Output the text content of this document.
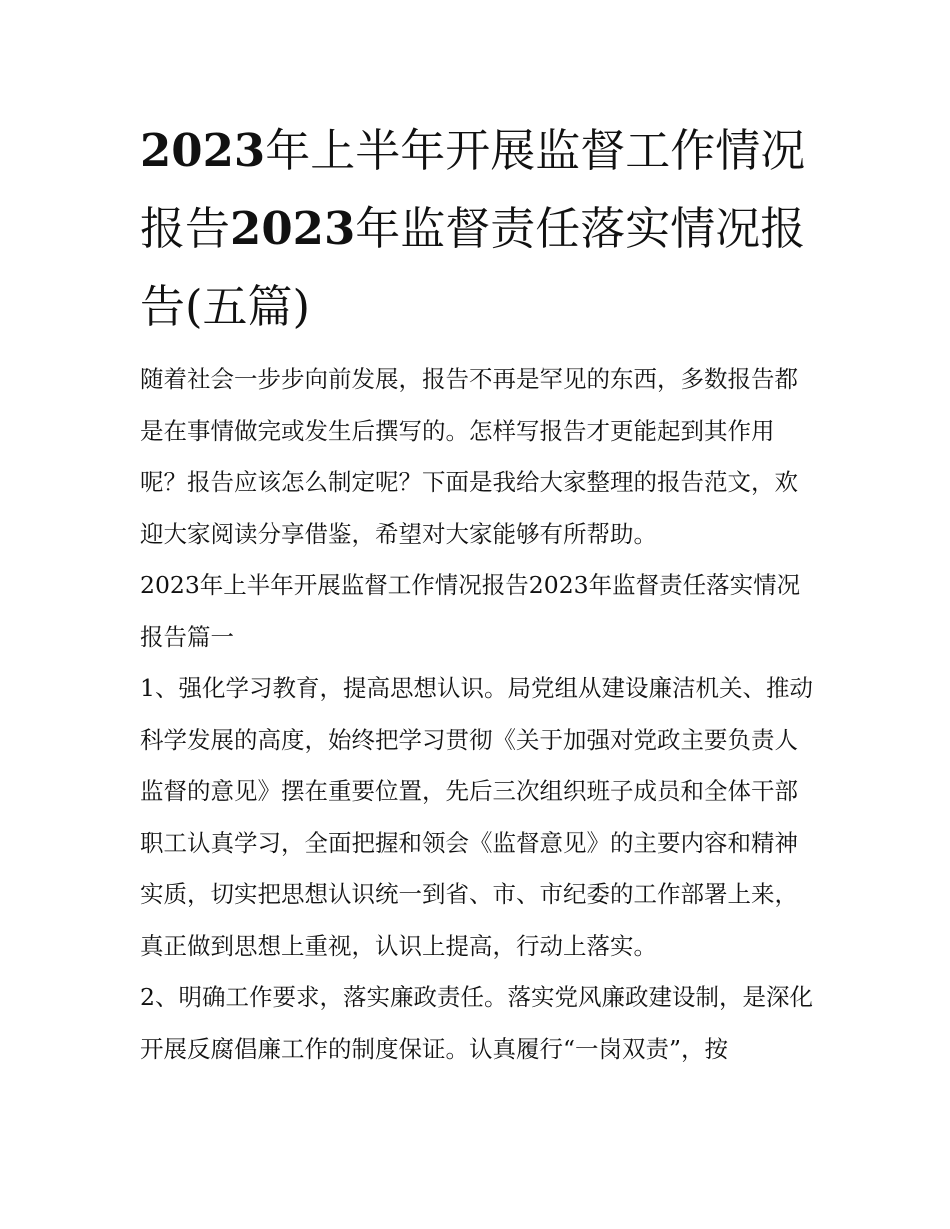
2023年上半年开展监督工作情况报告2023年监督责任落实情况报告(五篇)

随着社会一步步向前发展，报告不再是罕见的东西，多数报告都是在事情做完或发生后撰写的。怎样写报告才更能起到其作用呢？报告应该怎么制定呢？下面是我给大家整理的报告范文，欢迎大家阅读分享借鉴，希望对大家能够有所帮助。

2023年上半年开展监督工作情况报告2023年监督责任落实情况报告篇一

1、强化学习教育，提高思想认识。局党组从建设廉洁机关、推动科学发展的高度，始终把学习贯彻《关于加强对党政主要负责人监督的意见》摆在重要位置，先后三次组织班子成员和全体干部职工认真学习，全面把握和领会《监督意见》的主要内容和精神实质，切实把思想认识统一到省、市、市纪委的工作部署上来，真正做到思想上重视，认识上提高，行动上落实。

2、明确工作要求，落实廉政责任。落实党风廉政建设制，是深化开展反腐倡廉工作的制度保证。认真履行“一岗双责”，按
